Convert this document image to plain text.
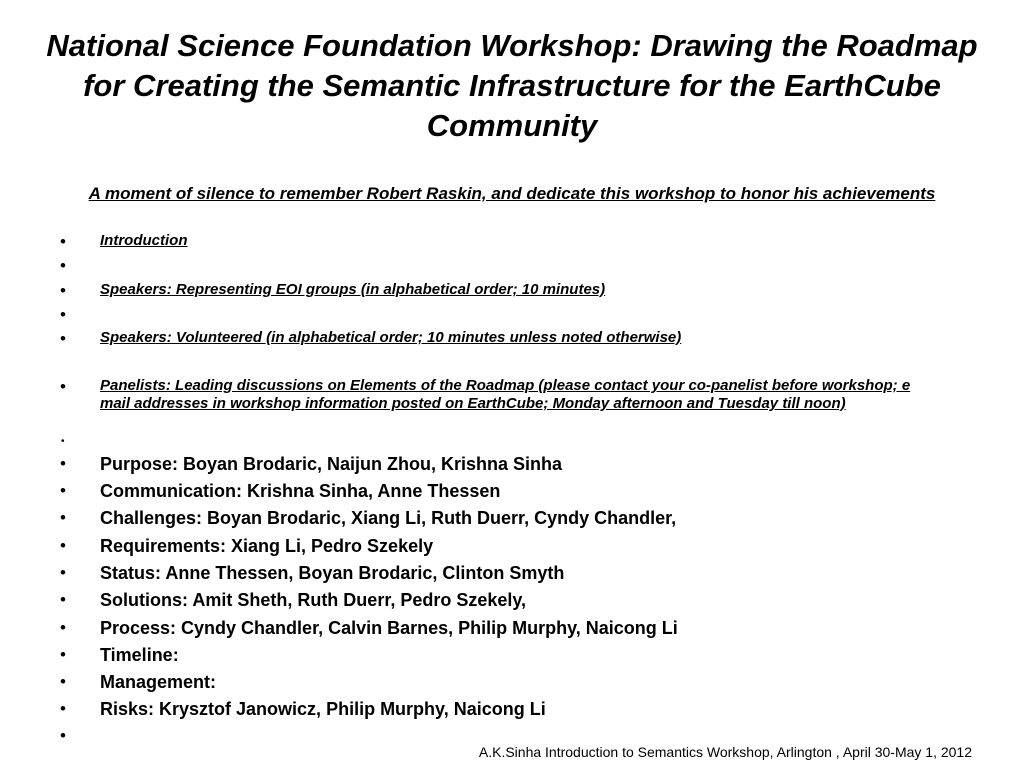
National Science Foundation Workshop: Drawing the Roadmap for Creating the Semantic Infrastructure for the EarthCube Community
A moment of silence to remember Robert Raskin, and dedicate this workshop to honor his achievements
•	Introduction
•
•	Speakers: Representing EOI groups (in alphabetical order; 10 minutes)
•
•	Speakers: Volunteered (in alphabetical order; 10 minutes unless noted otherwise)
•	Panelists: Leading discussions on Elements of the Roadmap (please contact your co-panelist before workshop; e mail addresses in workshop information posted on EarthCube; Monday afternoon and Tuesday till noon)
•
•	Purpose: Boyan Brodaric, Naijun Zhou, Krishna Sinha
•	Communication: Krishna Sinha, Anne Thessen
•	Challenges: Boyan Brodaric, Xiang Li, Ruth Duerr, Cyndy Chandler,
•	Requirements: Xiang Li, Pedro Szekely
•	Status: Anne Thessen, Boyan Brodaric, Clinton Smyth
•	Solutions: Amit Sheth, Ruth Duerr, Pedro Szekely,
•	Process: Cyndy Chandler, Calvin Barnes, Philip Murphy, Naicong Li
•	Timeline:
•	Management:
•	Risks: Krysztof Janowicz, Philip Murphy, Naicong Li
•
A.K.Sinha Introduction to Semantics Workshop, Arlington , April 30-May 1, 2012
